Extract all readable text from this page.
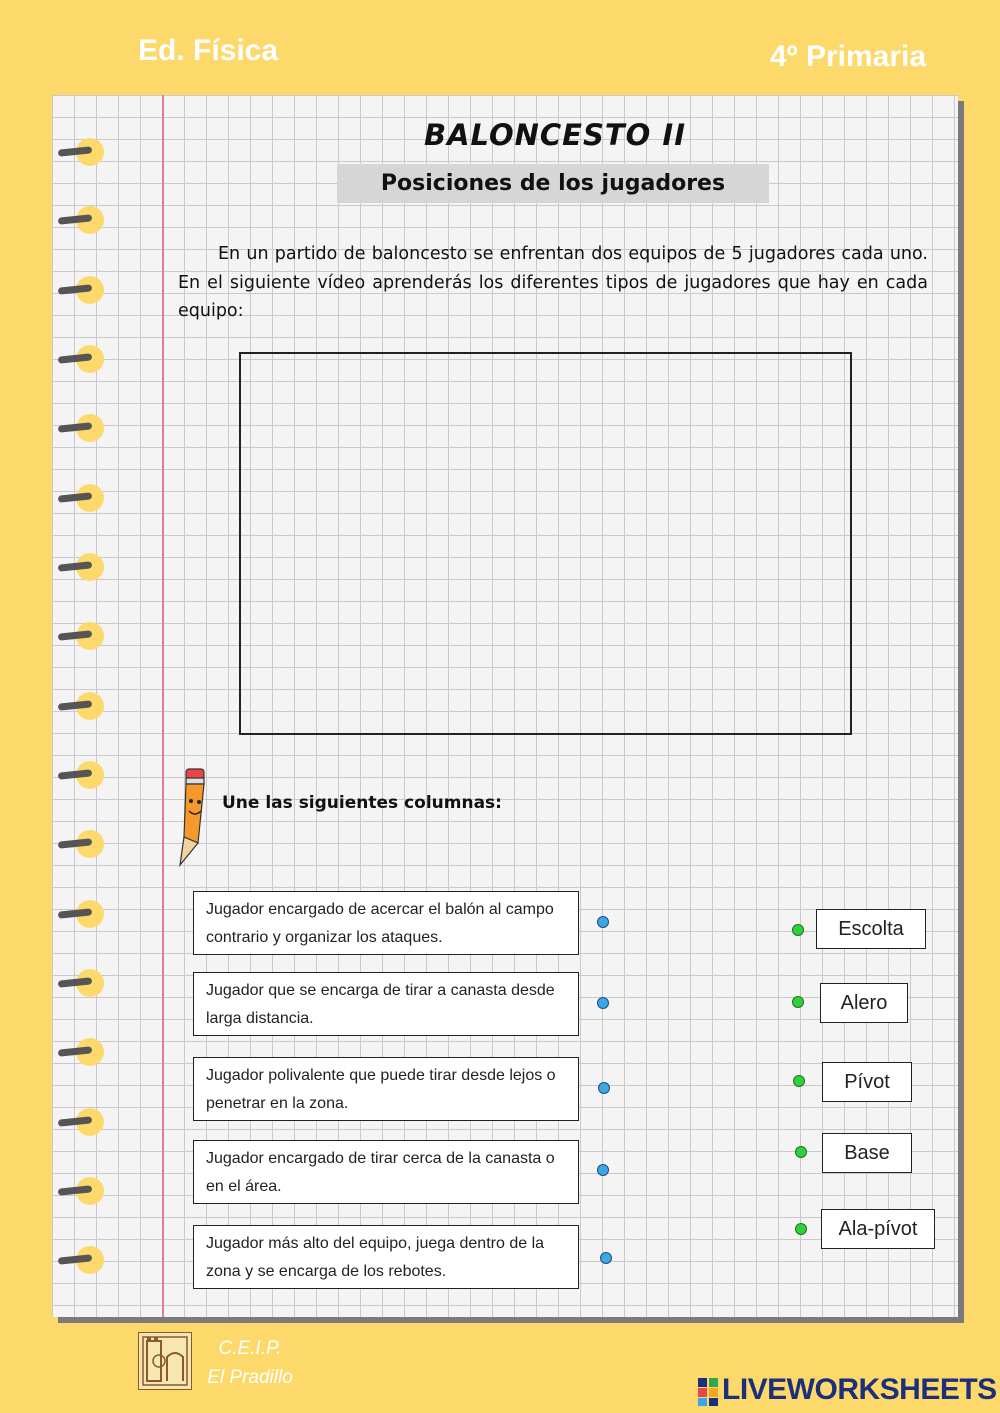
Ed. Física	4º Primaria
BALONCESTO II
Posiciones de los jugadores
En un partido de baloncesto se enfrentan dos equipos de 5 jugadores cada uno. En el siguiente vídeo aprenderás los diferentes tipos de jugadores que hay en cada equipo:
Une las siguientes columnas:
Jugador encargado de acercar el balón al campo contrario y organizar los ataques.
Jugador que se encarga de tirar a canasta desde larga distancia.
Jugador polivalente que puede tirar desde lejos o penetrar en la zona.
Jugador encargado de tirar cerca de la canasta o en el área.
Jugador más alto del equipo, juega dentro de la zona y se encarga de los rebotes.
Escolta
Alero
Pívot
Base
Ala-pívot
C.E.I.P.
El Pradillo	LIVEWORKSHEETS
